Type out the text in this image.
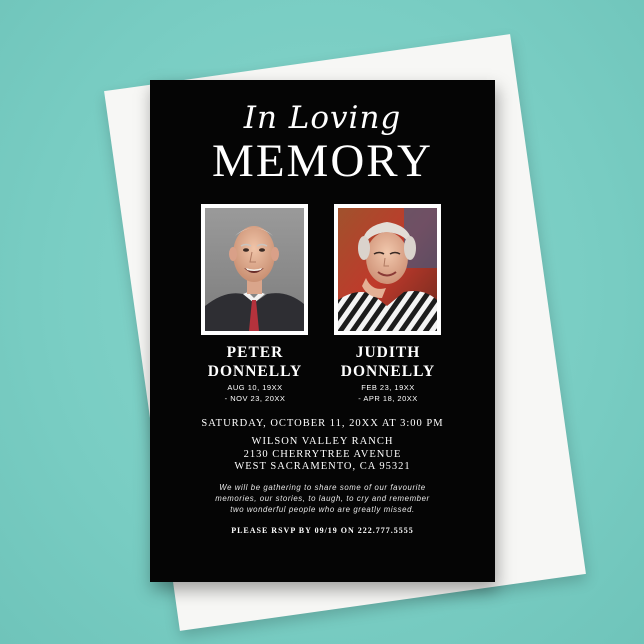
In Loving
MEMORY
PETER
DONNELLY
JUDITH
DONNELLY
AUG 10, 19XX
- NOV 23, 20XX
FEB 23, 19XX
- APR 18, 20XX
SATURDAY, OCTOBER 11, 20XX AT 3:00 PM
WILSON VALLEY RANCH
2130 CHERRYTREE AVENUE
WEST SACRAMENTO, CA 95321
We will be gathering to share some of our favourite
memories, our stories, to laugh, to cry and remember
two wonderful people who are greatly missed.
PLEASE RSVP BY 09/19 ON 222.777.5555
